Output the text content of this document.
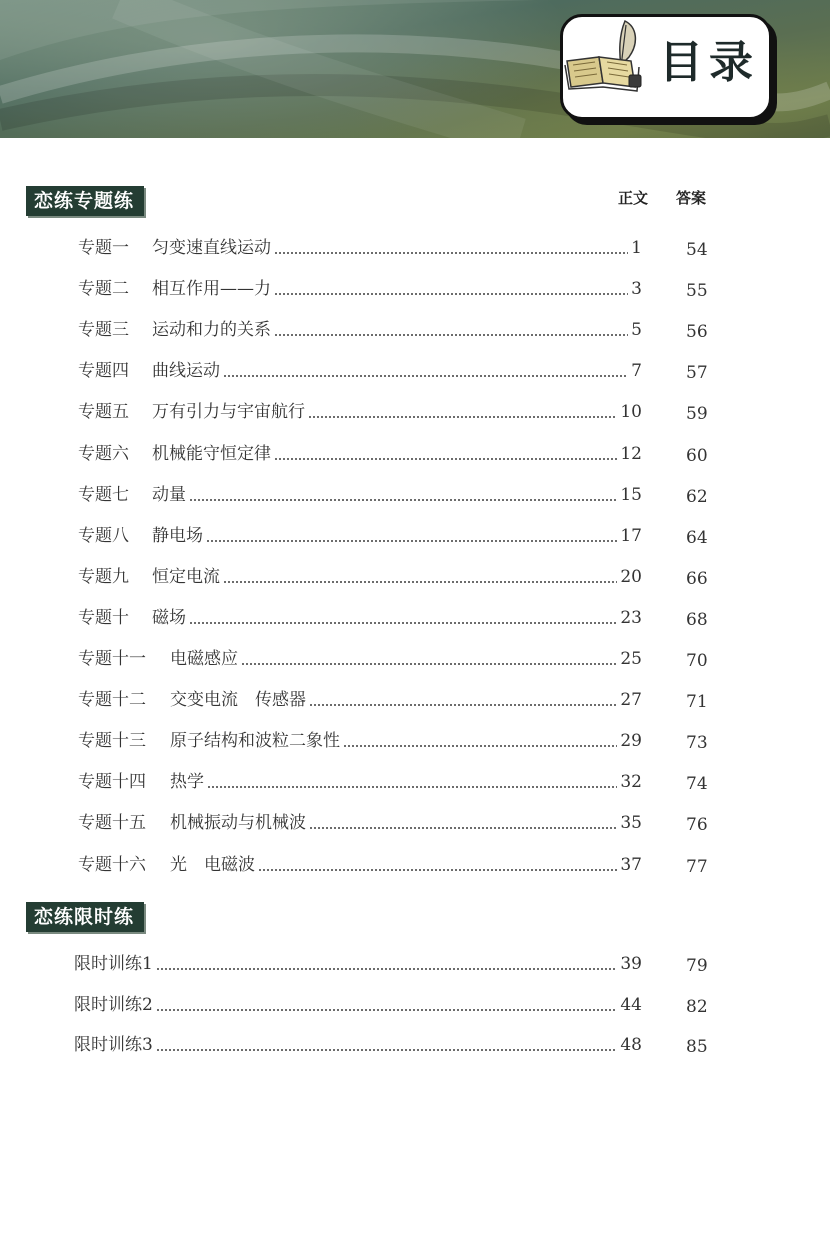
目录
恋练专题练	正文 答案
专题一 匀变速直线运动	1	54
专题二 相互作用——力	3	55
专题三 运动和力的关系	5	56
专题四 曲线运动	7	57
专题五 万有引力与宇宙航行	10	59
专题六 机械能守恒定律	12	60
专题七 动量	15	62
专题八 静电场	17	64
专题九 恒定电流	20	66
专题十 磁场	23	68
专题十一 电磁感应	25	70
专题十二 交变电流　传感器	27	71
专题十三 原子结构和波粒二象性	29	73
专题十四 热学	32	74
专题十五 机械振动与机械波	35	76
专题十六 光　电磁波	37	77
恋练限时练
限时训练1	39	79
限时训练2	44	82
限时训练3	48	85
